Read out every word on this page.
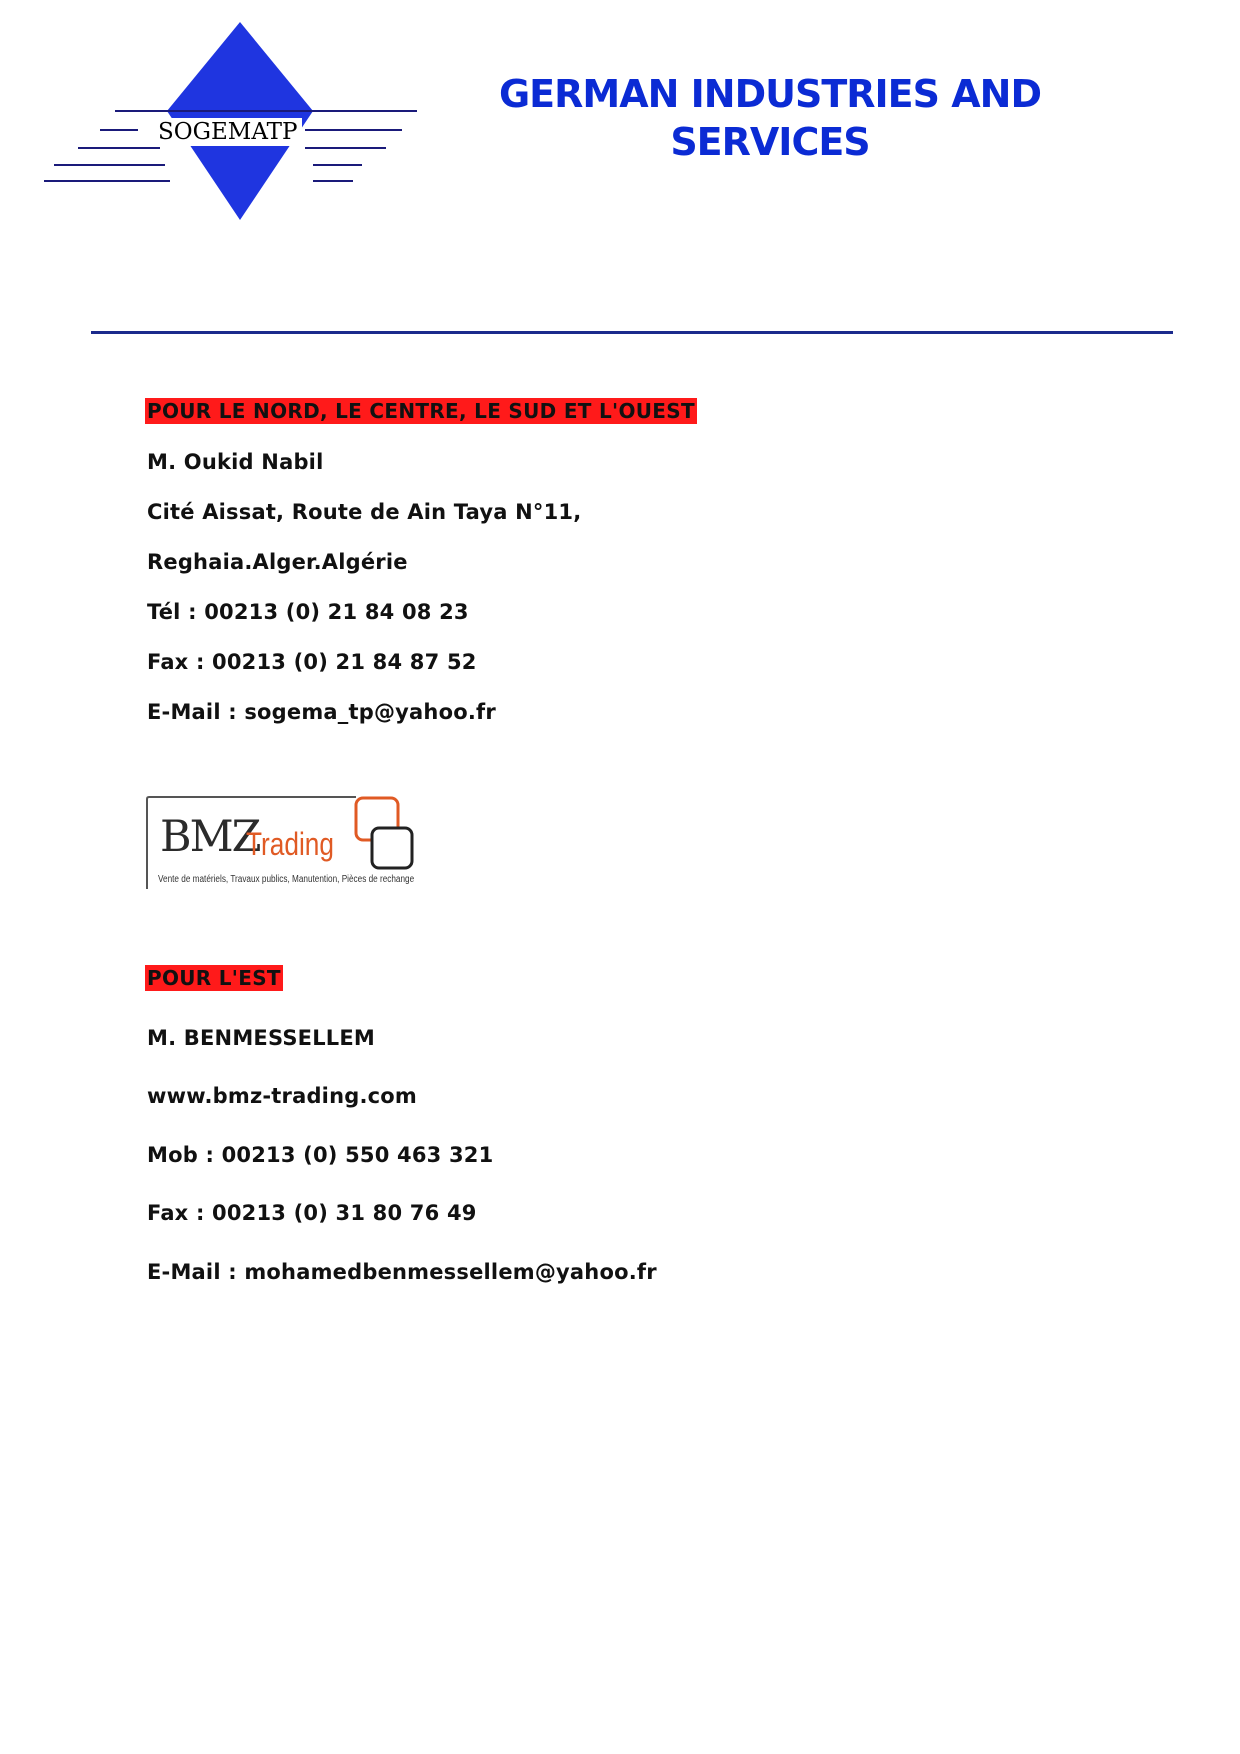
SOGEMATP
GERMAN INDUSTRIES AND
SERVICES
POUR LE NORD, LE CENTRE, LE SUD ET L'OUEST
M. Oukid Nabil
Cité Aissat, Route de Ain Taya N°11,
Reghaia.Alger.Algérie
Tél : 00213 (0) 21 84 08 23
Fax : 00213 (0) 21 84 87 52
E-Mail : sogema_tp@yahoo.fr
BMZ
Trading
Vente de matériels, Travaux publics, Manutention, Pièces de rechange
POUR L'EST
M. BENMESSELLEM
www.bmz-trading.com
Mob : 00213 (0) 550 463 321
Fax : 00213 (0) 31 80 76 49
E-Mail : mohamedbenmessellem@yahoo.fr
